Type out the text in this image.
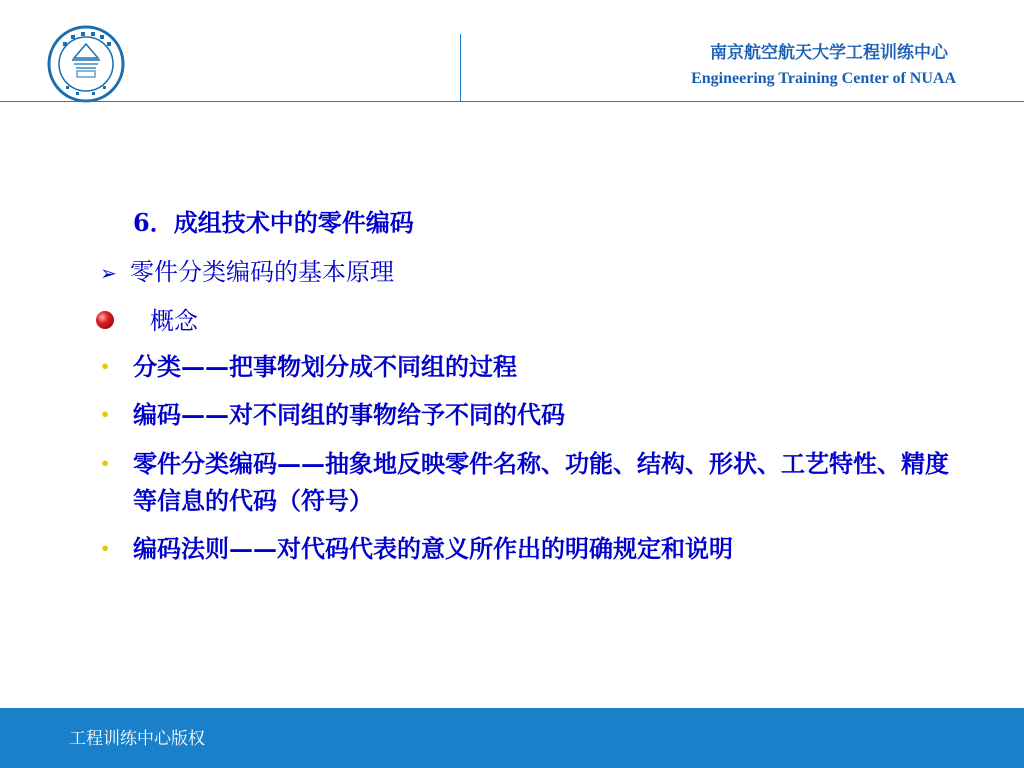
南京航空航天大学工程训练中心
Engineering Training Center of NUAA
6．成组技术中的零件编码
➢ 零件分类编码的基本原理
概念
• 分类——把事物划分成不同组的过程
• 编码——对不同组的事物给予不同的代码
• 零件分类编码——抽象地反映零件名称、功能、结构、形状、工艺特性、精度等信息的代码（符号）
• 编码法则——对代码代表的意义所作出的明确规定和说明
工程训练中心版权
